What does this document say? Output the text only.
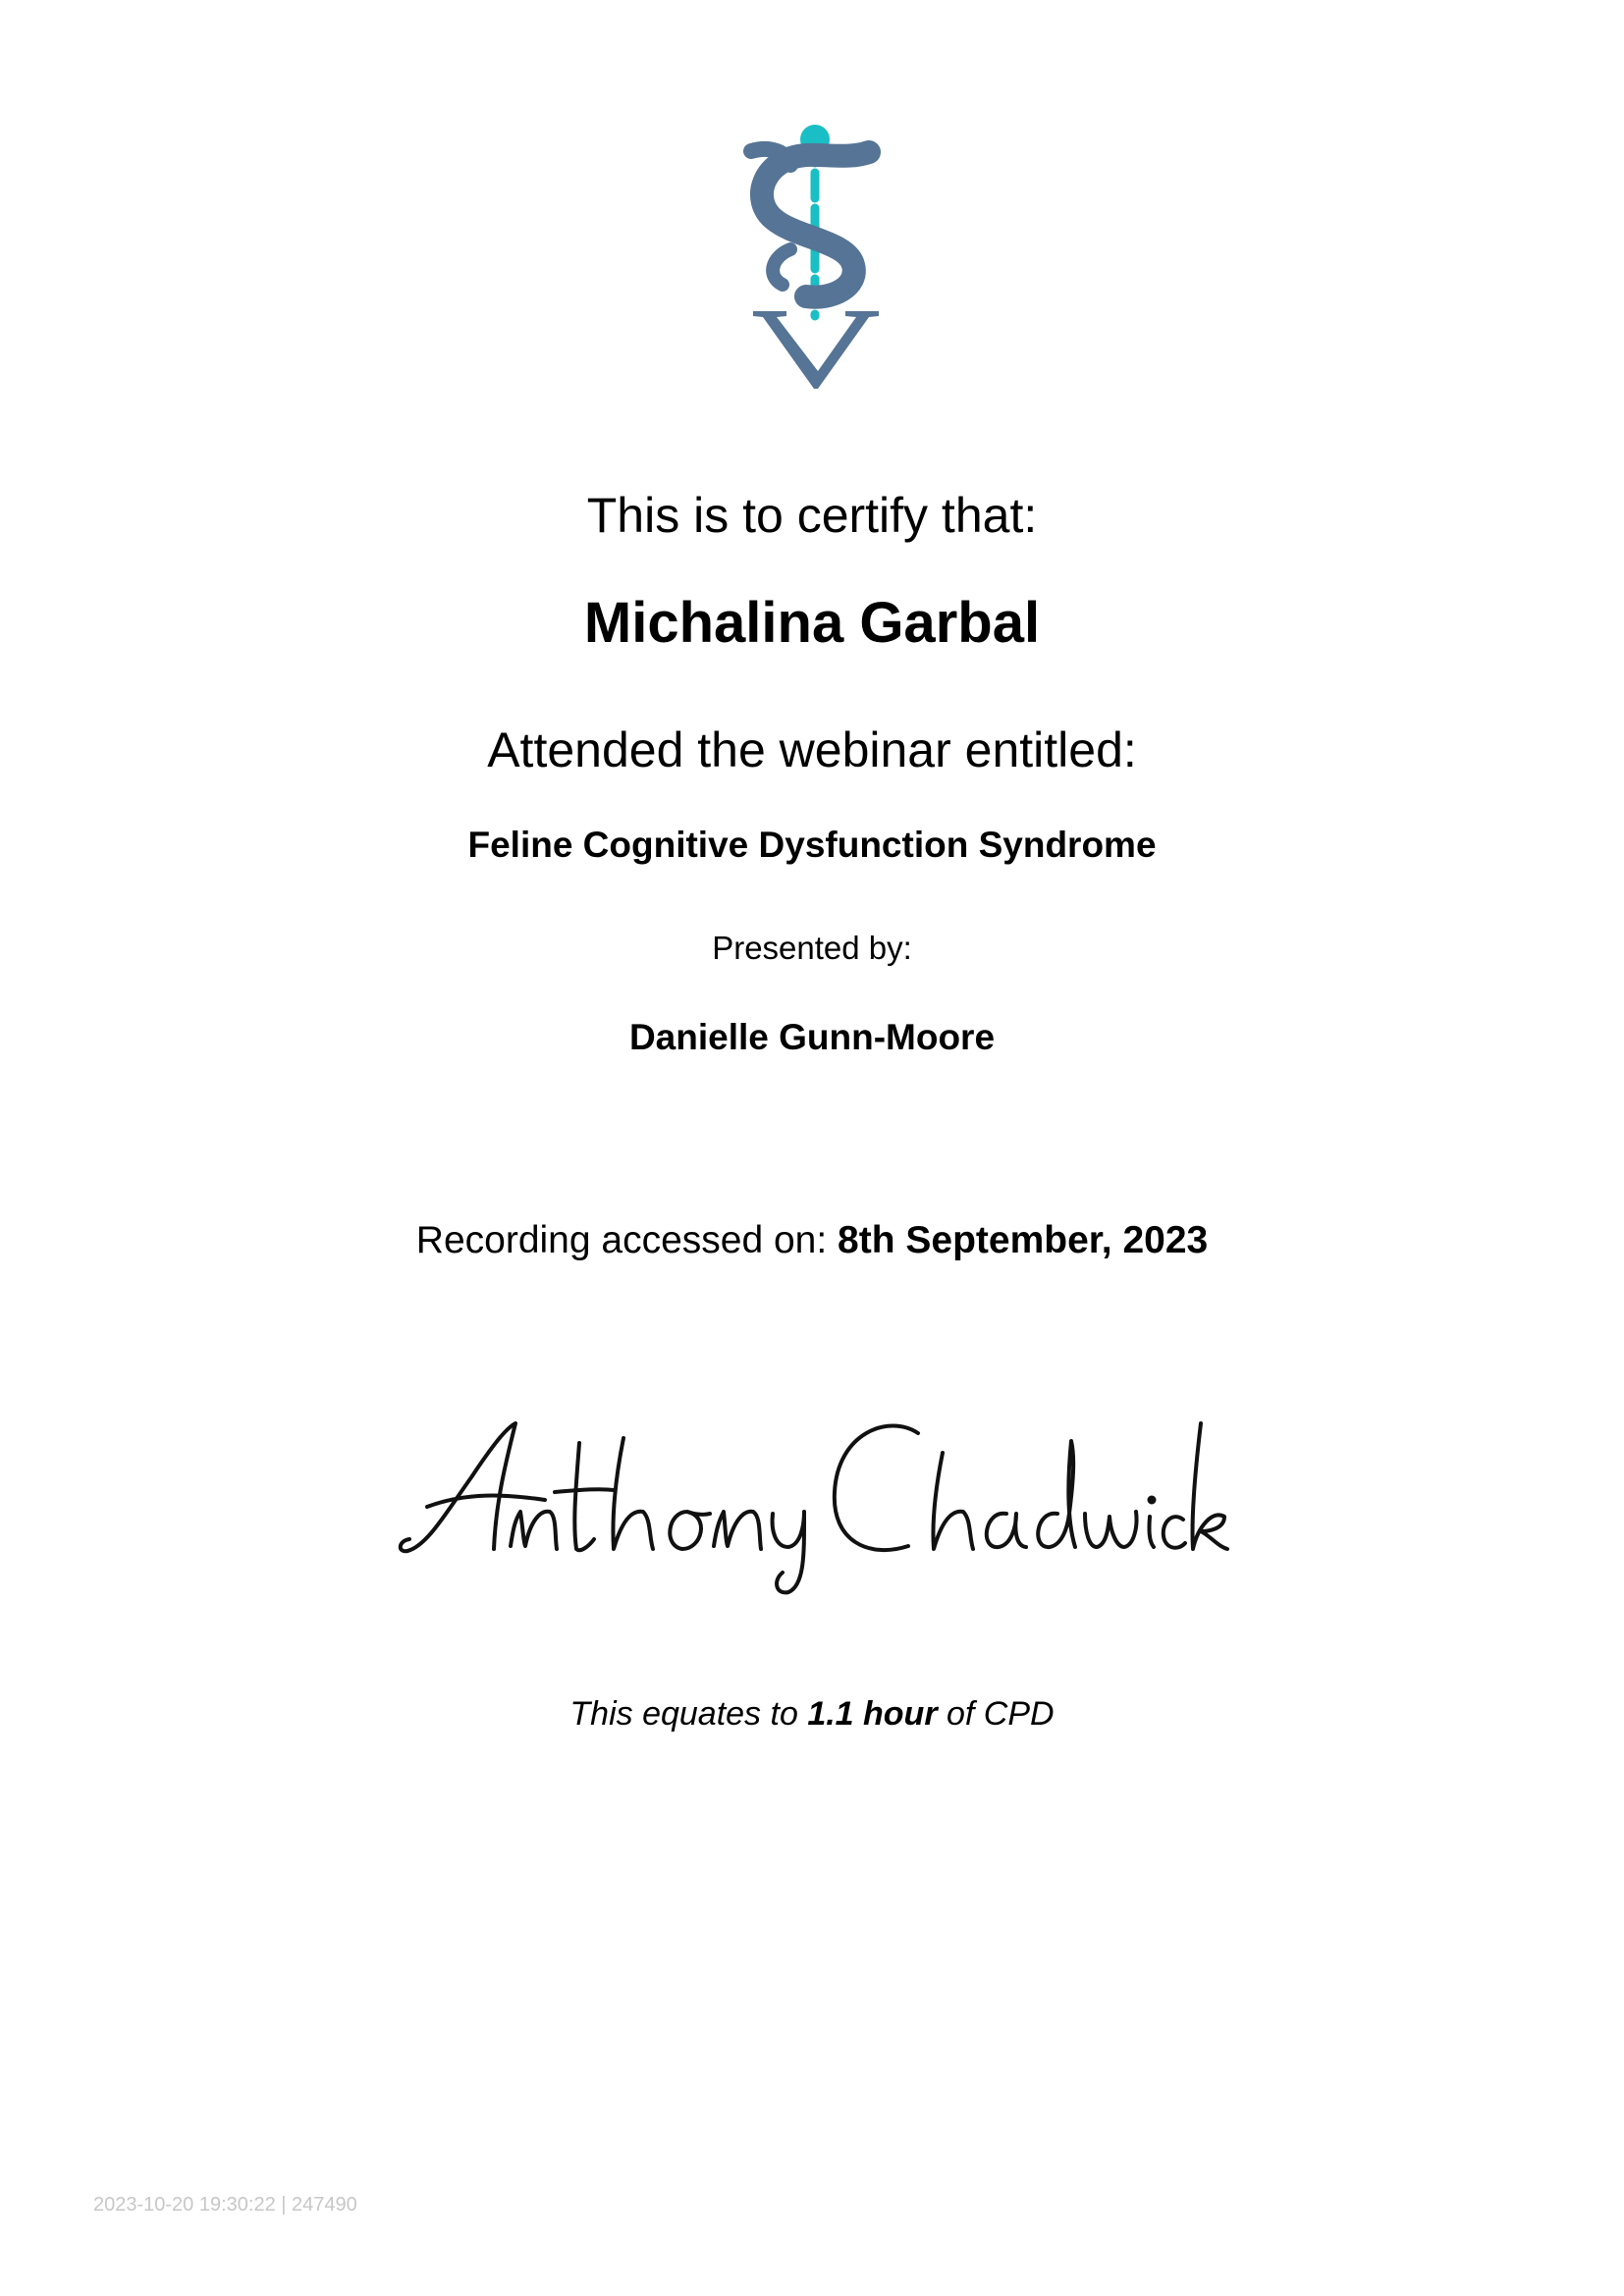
This is to certify that:
Michalina Garbal
Attended the webinar entitled:
Feline Cognitive Dysfunction Syndrome
Presented by:
Danielle Gunn-Moore
Recording accessed on: 8th September, 2023
This equates to 1.1 hour of CPD
2023-10-20 19:30:22 | 247490
